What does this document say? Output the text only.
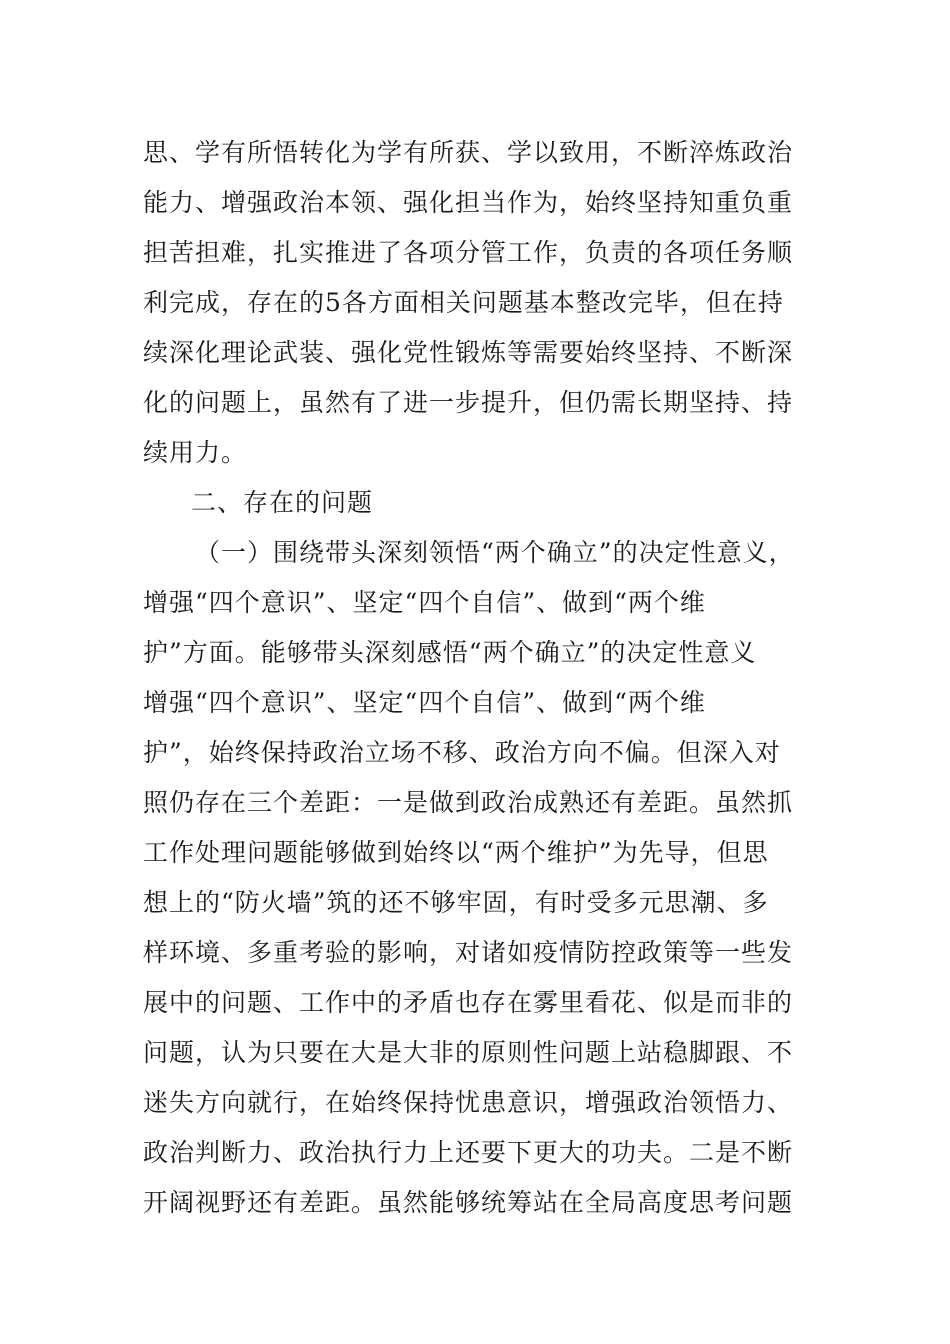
思、学有所悟转化为学有所获、学以致用，不断淬炼政治
能力、增强政治本领、强化担当作为，始终坚持知重负重
担苦担难，扎实推进了各项分管工作，负责的各项任务顺
利完成，存在的5各方面相关问题基本整改完毕，但在持
续深化理论武装、强化党性锻炼等需要始终坚持、不断深
化的问题上，虽然有了进一步提升，但仍需长期坚持、持
续用力。
二、存在的问题
（一）围绕带头深刻领悟“两个确立”的决定性意义，
增强“四个意识”、坚定“四个自信”、做到“两个维
护”方面。能够带头深刻感悟“两个确立”的决定性意义
增强“四个意识”、坚定“四个自信”、做到“两个维
护”，始终保持政治立场不移、政治方向不偏。但深入对
照仍存在三个差距：一是做到政治成熟还有差距。虽然抓
工作处理问题能够做到始终以“两个维护”为先导，但思
想上的“防火墙”筑的还不够牢固，有时受多元思潮、多
样环境、多重考验的影响，对诸如疫情防控政策等一些发
展中的问题、工作中的矛盾也存在雾里看花、似是而非的
问题，认为只要在大是大非的原则性问题上站稳脚跟、不
迷失方向就行，在始终保持忧患意识，增强政治领悟力、
政治判断力、政治执行力上还要下更大的功夫。二是不断
开阔视野还有差距。虽然能够统筹站在全局高度思考问题
